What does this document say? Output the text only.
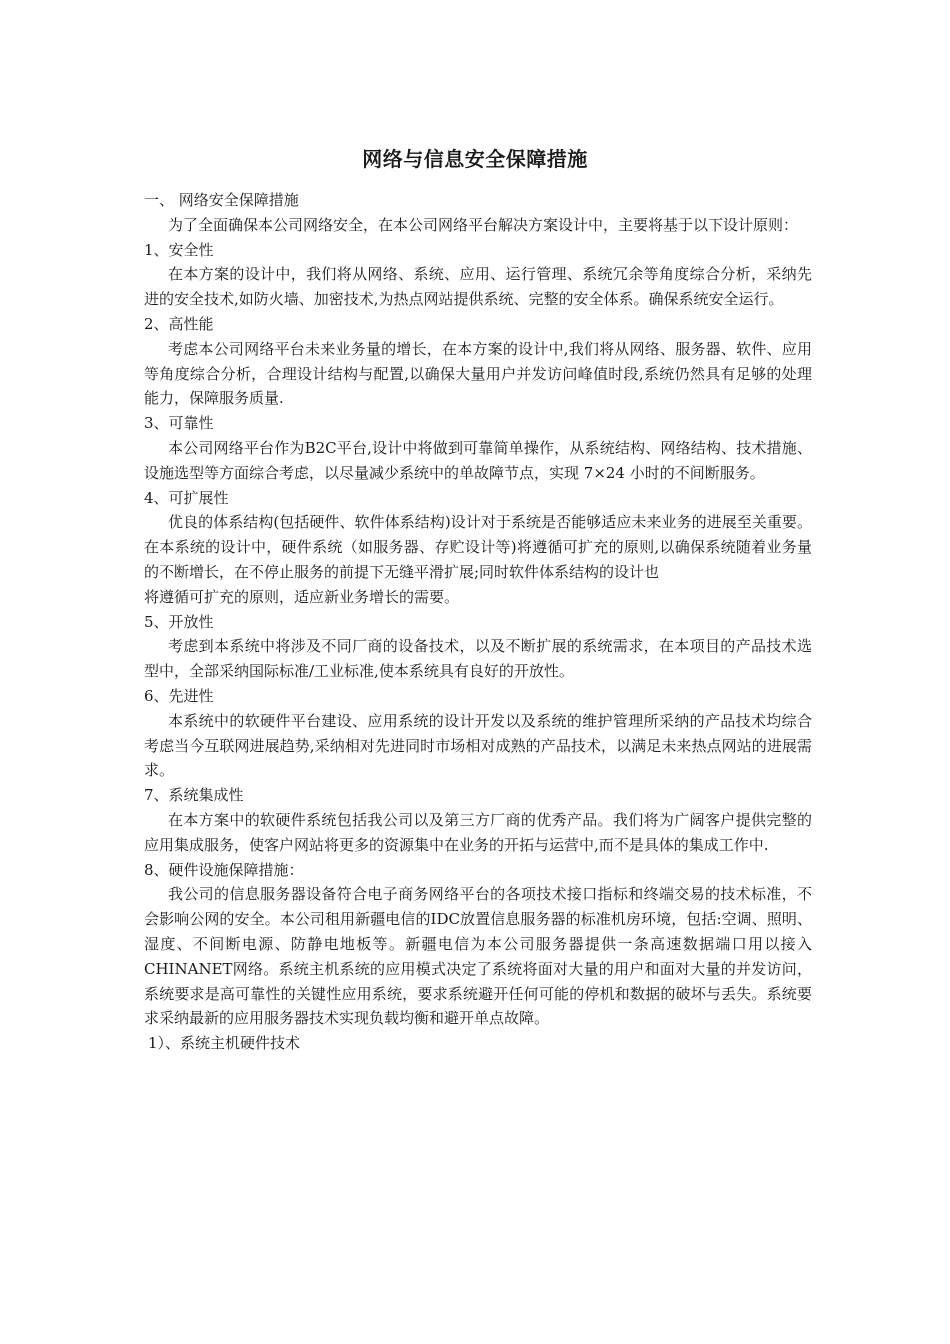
网络与信息安全保障措施

一、 网络安全保障措施

为了全面确保本公司网络安全，在本公司网络平台解决方案设计中，主要将基于以下设计原则：

1、安全性

在本方案的设计中，我们将从网络、系统、应用、运行管理、系统冗余等角度综合分析，采纳先进的安全技术,如防火墙、加密技术,为热点网站提供系统、完整的安全体系。确保系统安全运行。

2、高性能

考虑本公司网络平台未来业务量的增长，在本方案的设计中,我们将从网络、服务器、软件、应用等角度综合分析，合理设计结构与配置,以确保大量用户并发访问峰值时段,系统仍然具有足够的处理能力，保障服务质量.

3、可靠性

本公司网络平台作为B2C平台,设计中将做到可靠简单操作，从系统结构、网络结构、技术措施、设施选型等方面综合考虑，以尽量减少系统中的单故障节点，实现 7×24 小时的不间断服务。

4、可扩展性

优良的体系结构(包括硬件、软件体系结构)设计对于系统是否能够适应未来业务的进展至关重要。在本系统的设计中，硬件系统（如服务器、存贮设计等)将遵循可扩充的原则,以确保系统随着业务量的不断增长，在不停止服务的前提下无缝平滑扩展;同时软件体系结构的设计也

将遵循可扩充的原则，适应新业务增长的需要。

5、开放性

考虑到本系统中将涉及不同厂商的设备技术，以及不断扩展的系统需求，在本项目的产品技术选型中，全部采纳国际标准/工业标准,使本系统具有良好的开放性。

6、先进性

本系统中的软硬件平台建设、应用系统的设计开发以及系统的维护管理所采纳的产品技术均综合考虑当今互联网进展趋势,采纳相对先进同时市场相对成熟的产品技术，以满足未来热点网站的进展需求。

7、系统集成性

在本方案中的软硬件系统包括我公司以及第三方厂商的优秀产品。我们将为广阔客户提供完整的应用集成服务，使客户网站将更多的资源集中在业务的开拓与运营中,而不是具体的集成工作中.

8、硬件设施保障措施：

我公司的信息服务器设备符合电子商务网络平台的各项技术接口指标和终端交易的技术标准，不会影响公网的安全。本公司租用新疆电信的IDC放置信息服务器的标准机房环境，包括:空调、照明、湿度、不间断电源、防静电地板等。新疆电信为本公司服务器提供一条高速数据端口用以接入CHINANET网络。系统主机系统的应用模式决定了系统将面对大量的用户和面对大量的并发访问，系统要求是高可靠性的关键性应用系统，要求系统避开任何可能的停机和数据的破坏与丢失。系统要求采纳最新的应用服务器技术实现负载均衡和避开单点故障。

1）、系统主机硬件技术
